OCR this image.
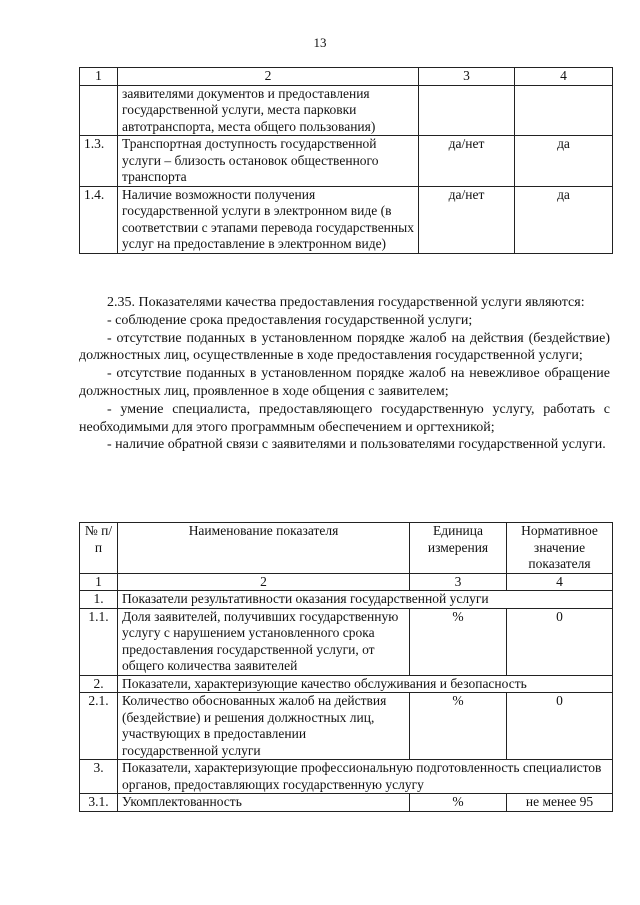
13
1	2	3	4
	заявителями документов и предоставления государственной услуги, места парковки автотранспорта, места общего пользования)		
1.3.	Транспортная доступность государственной услуги – близость остановок общественного транспорта	да/нет	да
1.4.	Наличие возможности получения государственной услуги в электронном виде (в соответствии с этапами перевода государственных услуг на предоставление в электронном виде)	да/нет	да

2.35. Показателями качества предоставления государственной услуги являются:

- соблюдение срока предоставления государственной услуги;

- отсутствие поданных в установленном порядке жалоб на действия (бездействие) должностных лиц, осуществленные в ходе предоставления государственной услуги;

- отсутствие поданных в установленном порядке жалоб на невежливое обращение должностных лиц, проявленное в ходе общения с заявителем;

- умение специалиста, предоставляющего государственную услугу, работать с необходимыми для этого программным обеспечением и оргтехникой;

- наличие обратной связи с заявителями и пользователями государственной услуги.

№ п/п	Наименование показателя	Единица измерения	Нормативное значение показателя
1	2	3	4
1.	Показатели результативности оказания государственной услуги		
1.1.	Доля заявителей, получивших государственную услугу с нарушением установленного срока предоставления государственной услуги, от общего количества заявителей	%	0
2.	Показатели, характеризующие качество обслуживания и безопасность		
2.1.	Количество обоснованных жалоб на действия (бездействие) и решения должностных лиц, участвующих в предоставлении государственной услуги	%	0
3.	Показатели, характеризующие профессиональную подготовленность специалистов органов, предоставляющих государственную услугу		
3.1.	Укомплектованность	%	не менее 95
